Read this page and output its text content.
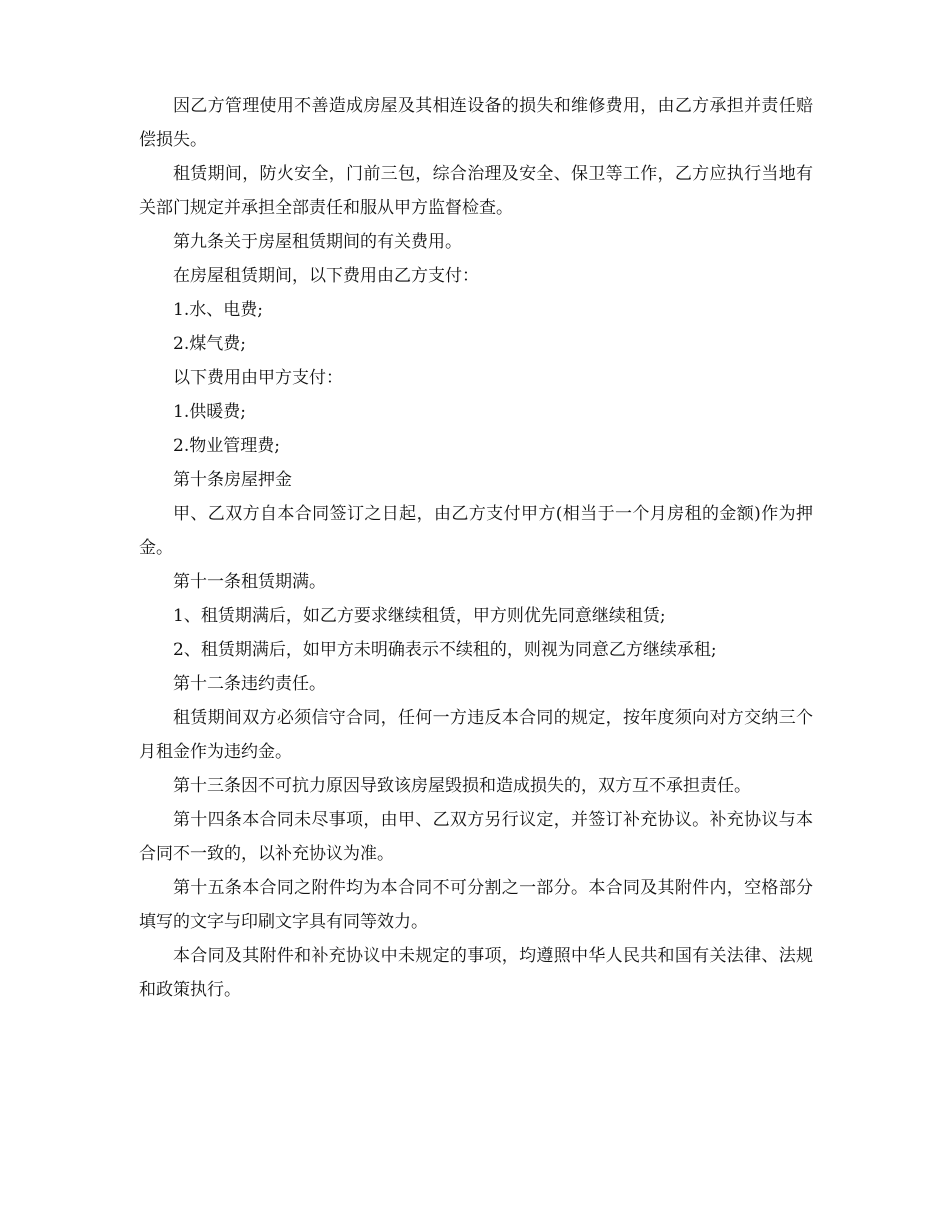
因乙方管理使用不善造成房屋及其相连设备的损失和维修费用，由乙方承担并责任赔偿损失。

租赁期间，防火安全，门前三包，综合治理及安全、保卫等工作，乙方应执行当地有关部门规定并承担全部责任和服从甲方监督检查。

第九条关于房屋租赁期间的有关费用。

在房屋租赁期间，以下费用由乙方支付：

1.水、电费;

2.煤气费;

以下费用由甲方支付：

1.供暖费;

2.物业管理费;

第十条房屋押金

甲、乙双方自本合同签订之日起，由乙方支付甲方(相当于一个月房租的金额)作为押金。

第十一条租赁期满。

1、租赁期满后，如乙方要求继续租赁，甲方则优先同意继续租赁;

2、租赁期满后，如甲方未明确表示不续租的，则视为同意乙方继续承租;

第十二条违约责任。

租赁期间双方必须信守合同，任何一方违反本合同的规定，按年度须向对方交纳三个月租金作为违约金。

第十三条因不可抗力原因导致该房屋毁损和造成损失的，双方互不承担责任。

第十四条本合同未尽事项，由甲、乙双方另行议定，并签订补充协议。补充协议与本合同不一致的，以补充协议为准。

第十五条本合同之附件均为本合同不可分割之一部分。本合同及其附件内，空格部分填写的文字与印刷文字具有同等效力。

本合同及其附件和补充协议中未规定的事项，均遵照中华人民共和国有关法律、法规和政策执行。
